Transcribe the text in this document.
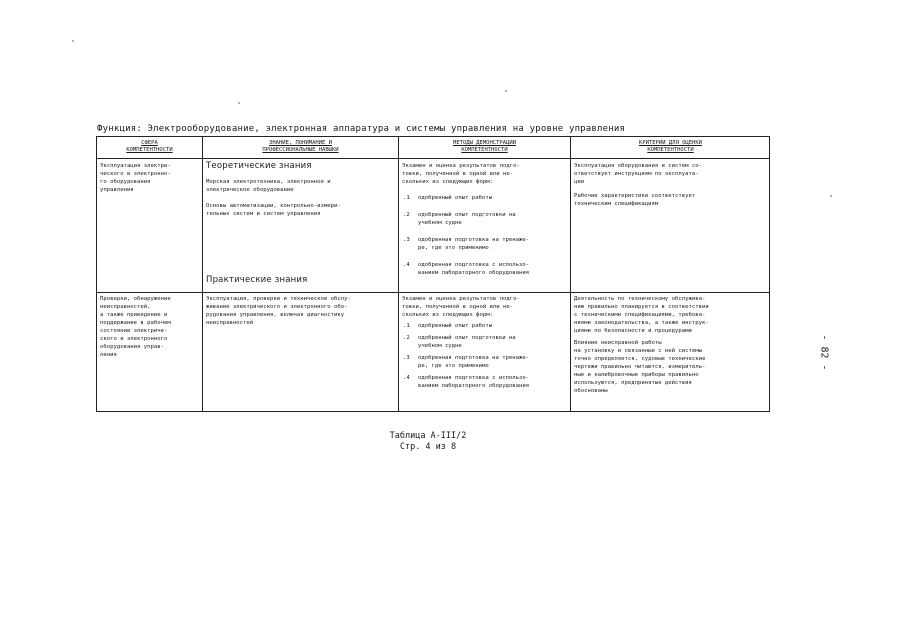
Функция: Электрооборудование, электронная аппаратура и системы управления на уровне управления
СФЕРА
КОМПЕТЕНТНОСТИ
ЗНАНИЕ, ПОНИМАНИЕ И
ПРОФЕССИОНАЛЬНЫЕ НАВЫКИ
МЕТОДЫ ДЕМОНСТРАЦИИ
КОМПЕТЕНТНОСТИ
КРИТЕРИИ ДЛЯ ОЦЕНКИ
КОМПЕТЕНТНОСТИ
Эксплуатация электри-
ческого и электронно-
го оборудования
управления
Теоретические знания
Морская электротехника, электронное и
электрическое оборудование
Основы автоматизации, контрольно-измери-
тельных систем и систем управления
Практические знания
Экзамен и оценка результатов подго-
товки, полученной в одной или не-
скольких из следующих форм:
.1 одобренный опыт работы
.2 одобренный опыт подготовки на
учебном судне
.3 одобренная подготовка на тренаже-
ре, где это применимо
.4 одобренная подготовка с использо-
ванием лабораторного оборудования
Эксплуатация оборудования и систем со-
ответствует инструкциям по эксплуата-
ции
Рабочие характеристики соответствует
техническим спецификациям
Проверки, обнаружение
неисправностей,
а также приведение и
поддержание в рабочем
состоянии электриче-
ского и электронного
оборудования управ-
ления
Эксплуатация, проверки и техническое обслу-
живание электрического и электронного обо-
рудования управления, включая диагностику
неисправностей
Экзамен и оценка результатов подго-
товки, полученной в одной или не-
скольких из следующих форм:
.1 одобренный опыт работы
.2 одобренный опыт подготовки на
учебном судне
.3 одобренная подготовка на тренаже-
ре, где это применимо
.4 одобренная подготовка с использо-
ванием лабораторного оборудования
Деятельность по техническому обслужива-
нию правильно планируется в соответствии
с техническими спецификациями, требова-
ниями законодательства, а также инструк-
циями по безопасности и процедурами
Влияние неисправной работы
на установку и связанные с ней системы
точно определяется, судовые технические
чертежи правильно читаются, измеритель-
ные и калибровочные приборы правильно
используются, предпринятые действия
обоснованы
Таблица А-III/2
Стр. 4 из 8
- 82 -
